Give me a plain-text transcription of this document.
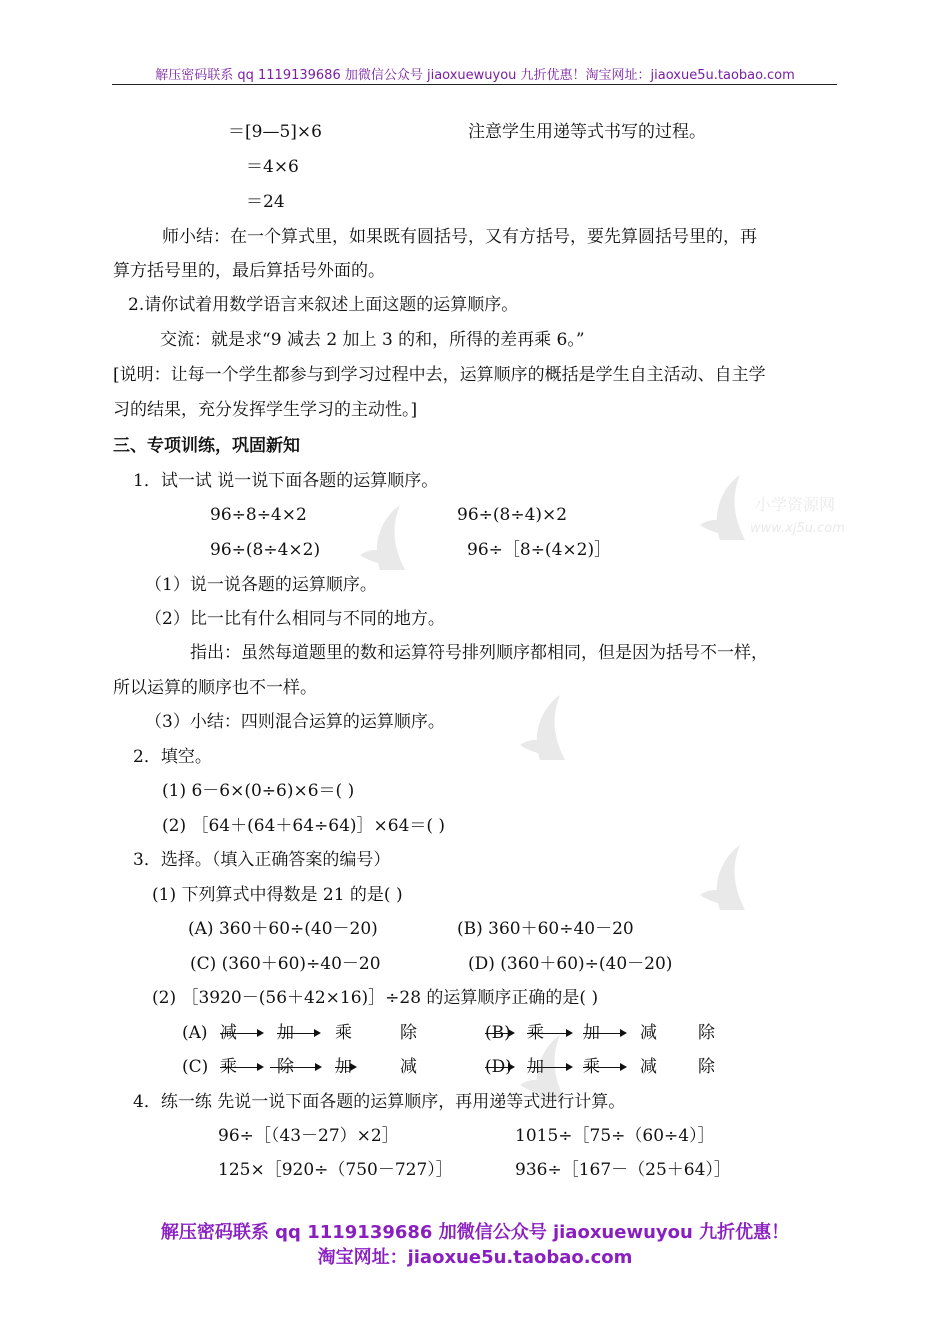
小学资源网
www.xj5u.com
解压密码联系 qq 1119139686 加微信公众号 jiaoxuewuyou 九折优惠！淘宝网址：jiaoxue5u.taobao.com
＝[9—5]×6	注意学生用递等式书写的过程。
＝4×6
＝24
师小结：在一个算式里，如果既有圆括号，又有方括号，要先算圆括号里的，再
算方括号里的，最后算括号外面的。
2.请你试着用数学语言来叙述上面这题的运算顺序。
交流：就是求“9 减去 2 加上 3 的和，所得的差再乘 6。”
[说明：让每一个学生都参与到学习过程中去，运算顺序的概括是学生自主活动、自主学
习的结果，充分发挥学生学习的主动性。]
三、专项训练，巩固新知
1．试一试 说一说下面各题的运算顺序。
96÷8÷4×2	96÷(8÷4)×2
96÷(8÷4×2)	96÷［8÷(4×2)］
（1）说一说各题的运算顺序。
（2）比一比有什么相同与不同的地方。
指出：虽然每道题里的数和运算符号排列顺序都相同，但是因为括号不一样，
所以运算的顺序也不一样。
（3）小结：四则混合运算的运算顺序。
2．填空。
(1) 6－6×(0÷6)×6＝( )
(2) ［64＋(64＋64÷64)］×64＝( )
3．选择。（填入正确答案的编号）
(1) 下列算式中得数是 21 的是( )
(A) 360＋60÷(40－20)	(B) 360＋60÷40－20
(C) (360＋60)÷40－20	(D) (360＋60)÷(40－20)
(2) ［3920－(56＋42×16)］÷28 的运算顺序正确的是( )
(A) 减 加 乘	除	(B) 乘 加 减 除
(C) 乘 除 加	减	(D) 加 乘 减 除
4．练一练 先说一说下面各题的运算顺序，再用递等式进行计算。
96÷［（43－27）×2］	1015÷［75÷（60÷4）］
125×［920÷（750－727）］	936÷［167－（25＋64）］
解压密码联系 qq 1119139686 加微信公众号 jiaoxuewuyou 九折优惠！
淘宝网址：jiaoxue5u.taobao.com
